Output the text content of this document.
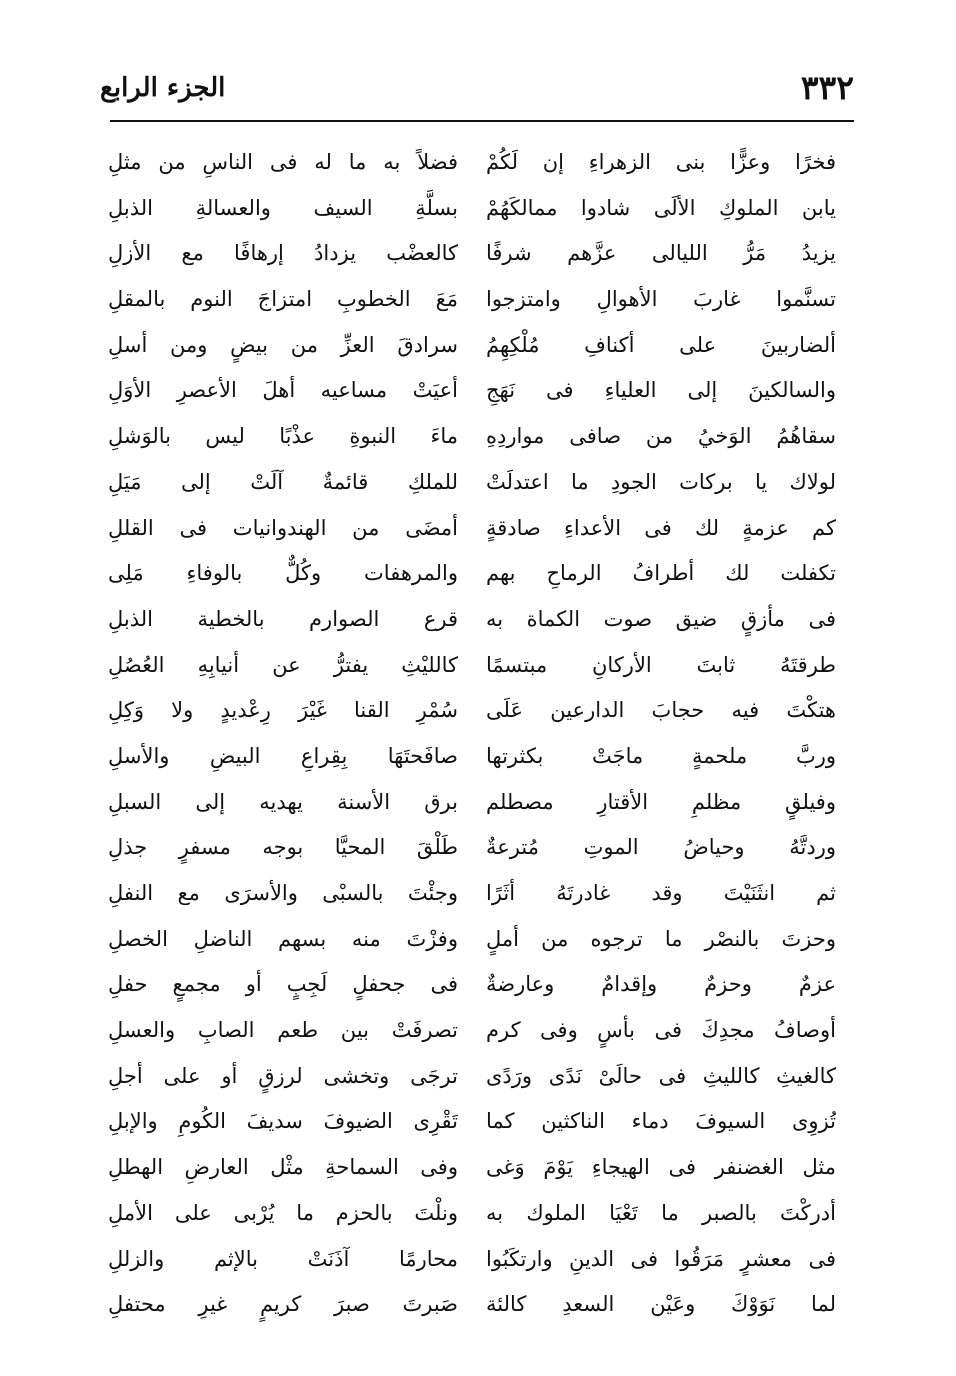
٣٣٢
الجزء الرابع
فخرًا وعزًّا بنى الزهراءِ إن لَكُمْ
يابن الملوكِ الألَى شادوا ممالكَهُمْ
يزيدُ مَرُّ الليالى عزَّهم شرفًا
تسنَّموا غاربَ الأهوالِ وامتزجوا
ألضاربينَ على أكنافِ مُلْكِهِمُ
والسالكينَ إلى العلياءِ فى نَهَجِ
سقاهُمُ الوَخيُ من صافى مواردِهِ
لولاك يا بركات الجودِ ما اعتدلَتْ
كم عزمةٍ لك فى الأعداءِ صادقةٍ
تكفلت لك أطرافُ الرماحِ بهم
فى مأزقٍ ضيق صوت الكماة به
طرقتَهُ ثابتَ الأركانِ مبتسمًا
هتكْتَ فيه حجابَ الدارعين عَلَى
وربَّ ملحمةٍ ماجَتْ بكثرتها
وفيلقٍ مظلمِ الأقتارِ مصطلم
وردتَّهُ وحياضُ الموتِ مُترعةٌ
ثم انثَنَيْتَ وقد غادرتَهُ أثَرًا
وحزتَ بالنصْر ما ترجوه من أملٍ
عزمٌ وحزمٌ وإقدامٌ وعارضةٌ
أوصافُ مجدِكَ فى بأسٍ وفى كرم
كالغيثِ كالليثِ فى حالَىْ نَدًى ورَدًى
تُزوِى السيوفَ دماء الناكثين كما
مثل الغضنفر فى الهيجاءِ يَوْمَ وَغى
أدركْتَ بالصبر ما تَعْيَا الملوك به
فى معشرٍ مَرَقُوا فى الدينِ وارتكَبُوا
لما نَوَوْكَ وعَيْن السعدِ كالئة
فضلاً به ما له فى الناسِ من مثلِ
بسلَّةِ السيف والعسالةِ الذبلِ
كالعضْب يزدادُ إرهافًا مع الأزلِ
مَعَ الخطوبِ امتزاجَ النوم بالمقلِ
سرادقَ العزِّ من بيضٍ ومن أسلِ
أعيَتْ مساعيه أهلَ الأعصرِ الأوَلِ
ماءَ النبوةِ عذْبًا ليس بالوَشلِ
للملكِ قائمةٌ آلَتْ إلى مَيَلِ
أمضَى من الهندوانيات فى القللِ
والمرهفات وكُلٌّ بالوفاءِ مَلِى
قرع الصوارم بالخطية الذبلِ
كالليْثِ يفترُّ عن أنيابِهِ العُصُلِ
سُمْرِ القنا غَيْرَ رِعْديدٍ ولا وَكِلِ
صافَحتَهَا بِقِراعِ البيضِ والأسلِ
برق الأسنة يهديه إلى السبلِ
طَلْقَ المحيَّا بوجه مسفرٍ جذلِ
وجئْتَ بالسبْى والأسرَى مع النفلِ
وفزْتَ منه بسهم الناضلِ الخصلِ
فى جحفلٍ لَجِبٍ أو مجمعٍ حفلِ
تصرفَتْ بين طعم الصابِ والعسلِ
ترجَى وتخشى لرزقٍ أو على أجلِ
تَقْرِى الضيوفَ سديفَ الكُومِ والإبلِ
وفى السماحةِ مثْل العارضِ الهطلِ
ونلْتَ بالحزم ما يُرْبى على الأملِ
محارمًا آذَنَتْ بالإثم والزللِ
صَبرتَ صبرَ كريمٍ غيرِ محتفلِ
